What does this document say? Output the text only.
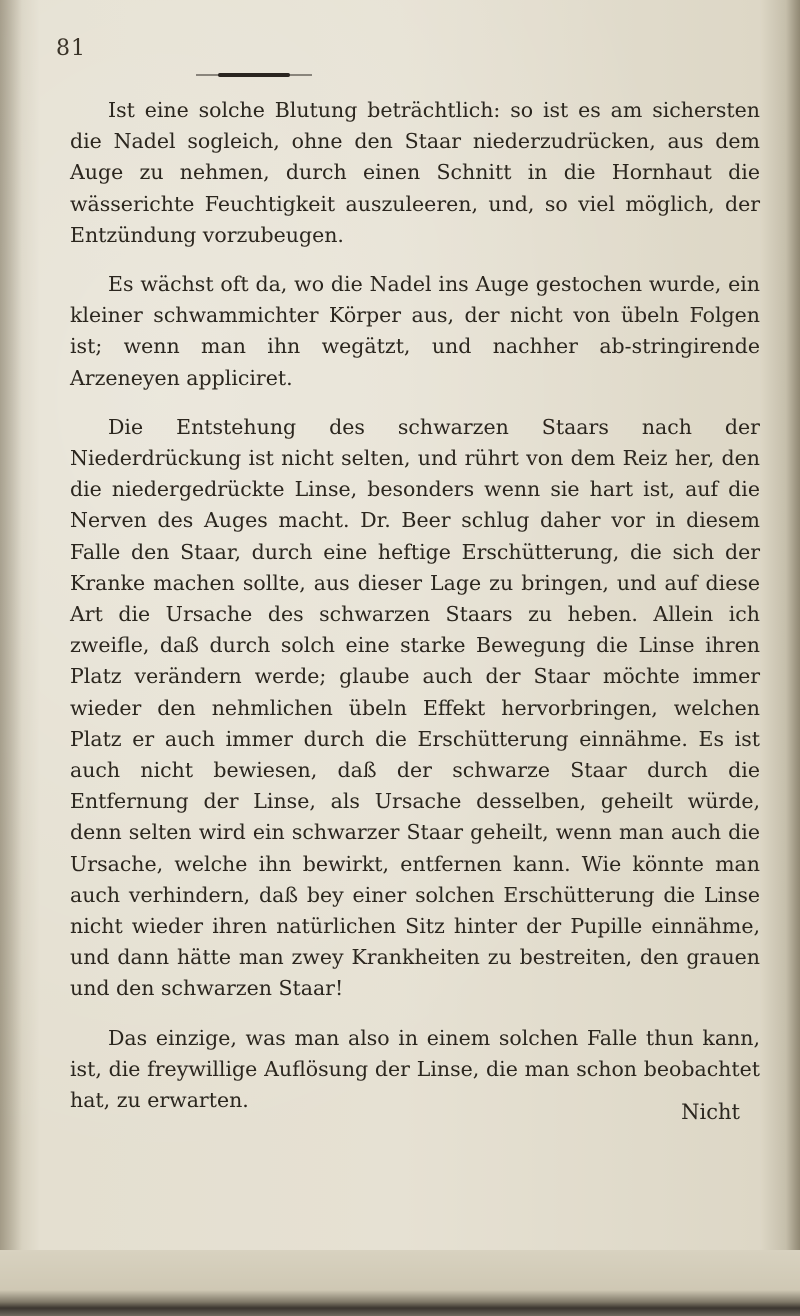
81

Ist eine solche Blutung beträchtlich: so ist es am sichersten die Nadel sogleich, ohne den Staar niederzudrücken, aus dem Auge zu nehmen, durch einen Schnitt in die Hornhaut die wässerichte Feuchtigkeit auszuleeren, und, so viel möglich, der Entzündung vorzubeugen.

Es wächst oft da, wo die Nadel ins Auge gestochen wurde, ein kleiner schwammichter Körper aus, der nicht von übeln Folgen ist; wenn man ihn wegätzt, und nachher ab-stringirende Arzeneyen appliciret.

Die Entstehung des schwarzen Staars nach der Niederdrückung ist nicht selten, und rührt von dem Reiz her, den die niedergedrückte Linse, besonders wenn sie hart ist, auf die Nerven des Auges macht. Dr. Beer schlug daher vor in diesem Falle den Staar, durch eine heftige Erschütterung, die sich der Kranke machen sollte, aus dieser Lage zu bringen, und auf diese Art die Ursache des schwarzen Staars zu heben. Allein ich zweifle, daß durch solch eine starke Bewegung die Linse ihren Platz verändern werde; glaube auch der Staar möchte immer wieder den nehmlichen übeln Effekt hervorbringen, welchen Platz er auch immer durch die Erschütterung einnähme. Es ist auch nicht bewiesen, daß der schwarze Staar durch die Entfernung der Linse, als Ursache desselben, geheilt würde, denn selten wird ein schwarzer Staar geheilt, wenn man auch die Ursache, welche ihn bewirkt, entfernen kann. Wie könnte man auch verhindern, daß bey einer solchen Erschütterung die Linse nicht wieder ihren natürlichen Sitz hinter der Pupille einnähme, und dann hätte man zwey Krankheiten zu bestreiten, den grauen und den schwarzen Staar!

Das einzige, was man also in einem solchen Falle thun kann, ist, die freywillige Auflösung der Linse, die man schon beobachtet hat, zu erwarten.	Nicht
